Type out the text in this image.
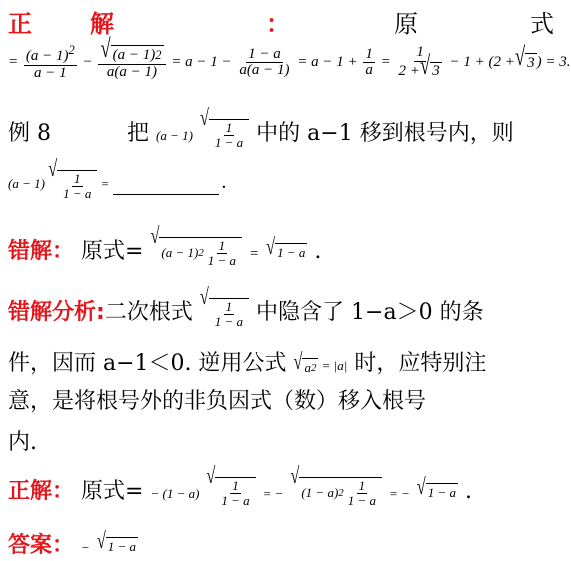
正解	：	原	式
= $\frac{(a - 1)^2}{a - 1} - \frac{√ (a - 1) 2}{a(a - 1)} = a - 1 - \frac{1 - a}{a(a - 1)} = a - 1 + \frac{1}{a} = \frac{1}{2 + √ 3} - 1 + (2$ + √ 3 ) = 3.
例 8	把 (a − 1)
√
$\frac{1}{1 - a}$ 中的 a−1 移到根号内，则
(a − 1)
√
$\frac{1}{1 - a}$ =	.
错解： 原式=
√
(a − 1) $2 \frac{1}{1 - a}$ = √ 1 − a .
错解分析:二次根式
√
$\frac{1}{1 - a}$ 中隐含了 1−a＞0 的条
件，因而 a−1＜0. 逆用公式 √ a 2 = |a| 时，应特别注
意，是将根号外的非负因式（数）移入根号
内.
正解： 原式= − (1 − a)
√
$\frac{1}{1 - a}$ = −
√
(1 − a) $2 \frac{1}{1 - a}$ = − √ 1 − a .
答案： − √ 1 − a
